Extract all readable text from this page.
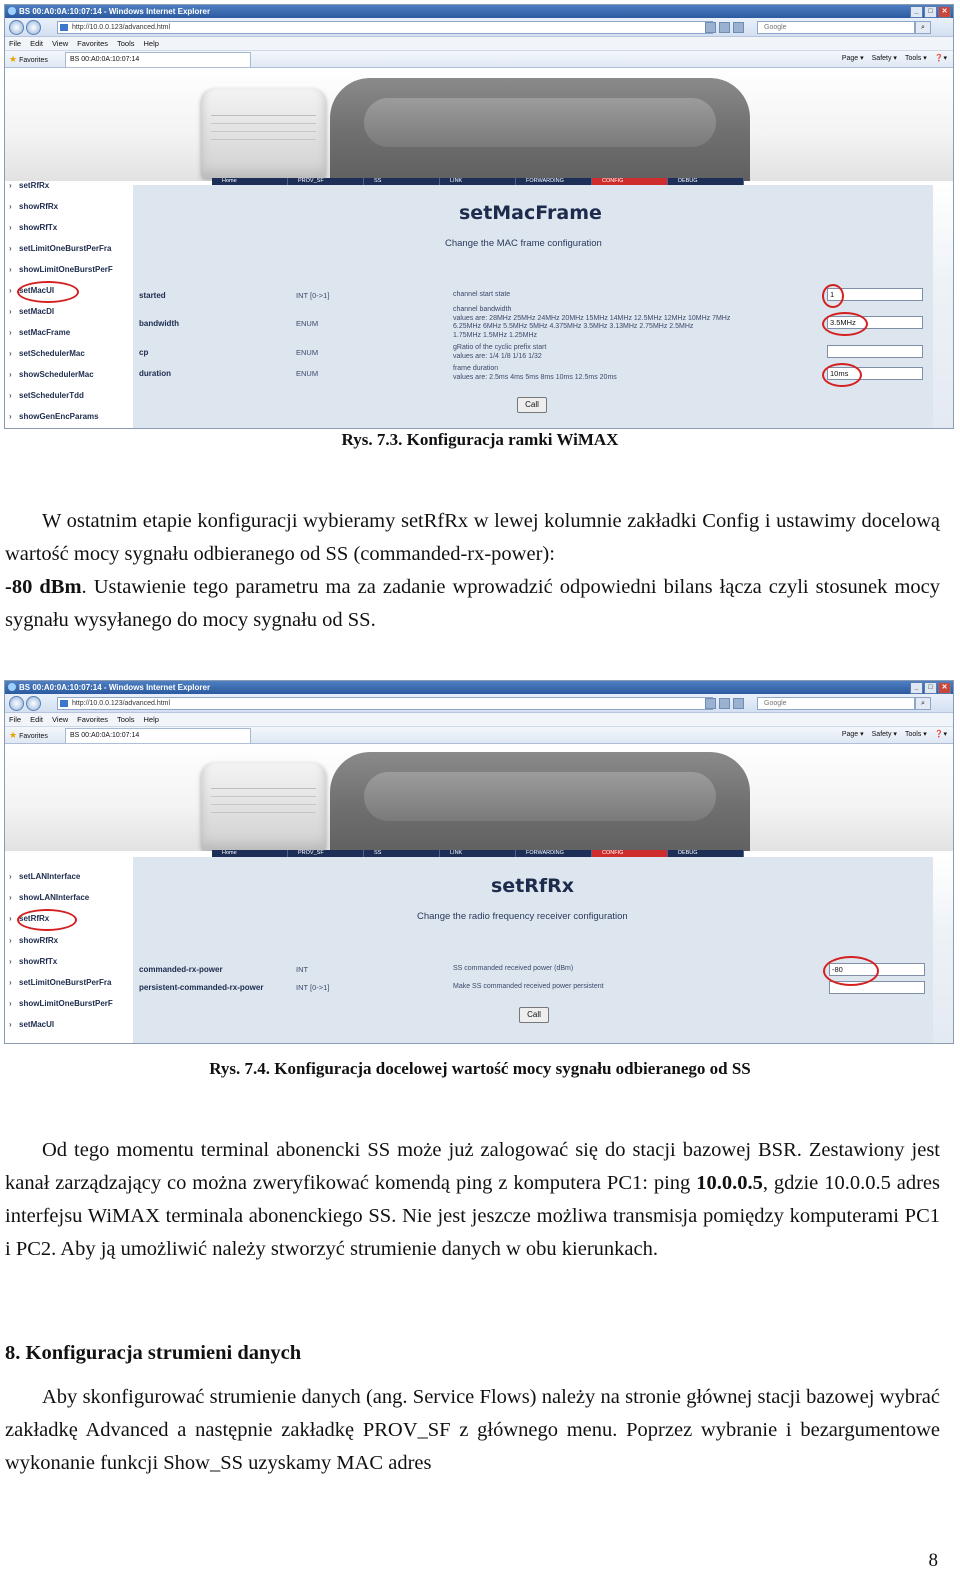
BS 00:A0:0A:10:07:14 - Windows Internet Explorer	_	□	✕
http://10.0.0.123/advanced.html	Google	⌕
File Edit View Favorites Tools Help
★ Favorites	BS 00:A0:0A:10:07:14	Page ▾ Safety ▾ Tools ▾ ❓▾
Home	PROV_SF	SS	LINK	FORWARDING	CONFIG	DEBUG
› setRfRx
› showRfRx
› showRfTx
› setLimitOneBurstPerFra
› showLimitOneBurstPerF
› setMacUl
› setMacDl
› setMacFrame
› setSchedulerMac
› showSchedulerMac
› setSchedulerTdd
› showGenEncParams
setMacFrame
Change the MAC frame configuration
started	INT [0->1]	channel start state	1
bandwidth	ENUM
channel bandwidth
values are: 28MHz 25MHz 24MHz 20MHz 15MHz 14MHz 12.5MHz 12MHz 10MHz 7MHz
6.25MHz 6MHz 5.5MHz 5MHz 4.375MHz 3.5MHz 3.13MHz 2.75MHz 2.5MHz
1.75MHz 1.5MHz 1.25MHz
3.5MHz
cp	ENUM
gRatio of the cyclic prefix start
values are: 1/4 1/8 1/16 1/32
duration	ENUM
frame duration
values are: 2.5ms 4ms 5ms 8ms 10ms 12.5ms 20ms	10ms
Call
Rys. 7.3. Konfiguracja ramki WiMAX

W ostatnim etapie konfiguracji wybieramy setRfRx w lewej kolumnie zakładki Config i ustawimy docelową wartość mocy sygnału odbieranego od SS (commanded-rx-power):
-80 dBm. Ustawienie tego parametru ma za zadanie wprowadzić odpowiedni bilans łącza czyli stosunek mocy sygnału wysyłanego do mocy sygnału od SS.

BS 00:A0:0A:10:07:14 - Windows Internet Explorer	_	□	✕
http://10.0.0.123/advanced.html	Google	⌕
File Edit View Favorites Tools Help
★ Favorites	BS 00:A0:0A:10:07:14	Page ▾ Safety ▾ Tools ▾ ❓▾
Home	PROV_SF	SS	LINK	FORWARDING	CONFIG	DEBUG
› setLANInterface
› showLANInterface
› setRfRx
› showRfRx
› showRfTx
› setLimitOneBurstPerFra
› showLimitOneBurstPerF
› setMacUl
setRfRx
Change the radio frequency receiver configuration
commanded-rx-power	INT	SS commanded received power (dBm)	-80
persistent-commanded-rx-power	INT [0->1]	Make SS commanded received power persistent
Call
Rys. 7.4. Konfiguracja docelowej wartość mocy sygnału odbieranego od SS

Od tego momentu terminal abonencki SS może już zalogować się do stacji bazowej BSR. Zestawiony jest kanał zarządzający co można zweryfikować komendą ping z komputera PC1: ping 10.0.0.5, gdzie 10.0.0.5 adres interfejsu WiMAX terminala abonenckiego SS. Nie jest jeszcze możliwa transmisja pomiędzy komputerami PC1 i PC2. Aby ją umożliwić należy stworzyć strumienie danych w obu kierunkach.

8. Konfiguracja strumieni danych

Aby skonfigurować strumienie danych (ang. Service Flows) należy na stronie głównej stacji bazowej wybrać zakładkę Advanced a następnie zakładkę PROV_SF z głównego menu. Poprzez wybranie i bezargumentowe wykonanie funkcji Show_SS uzyskamy MAC adres

8
